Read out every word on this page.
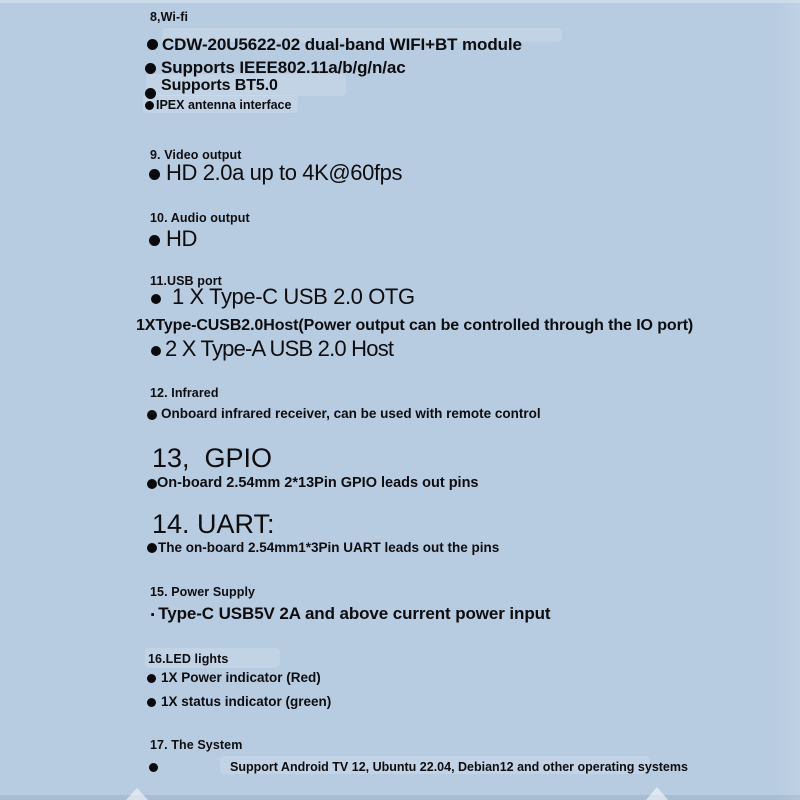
8,Wi-fi
CDW-20U5622-02 dual-band WIFI+BT module
Supports IEEE802.11a/b/g/n/ac
Supports BT5.0
IPEX antenna interface
9. Video output
HD 2.0a up to 4K@60fps
10. Audio output
HD
11.USB port
1 X Type-C USB 2.0 OTG
1XType-CUSB2.0Host(Power output can be controlled through the IO port)
2 X Type-A USB 2.0 Host
12. Infrared
Onboard infrared receiver, can be used with remote control
13,  GPIO
On-board 2.54mm 2*13Pin GPIO leads out pins
14. UART:
The on-board 2.54mm1*3Pin UART leads out the pins
15. Power Supply
· Type-C USB5V 2A and above current power input
16.LED lights
1X Power indicator (Red)
1X status indicator (green)
17. The System
Support Android TV 12, Ubuntu 22.04, Debian12 and other operating systems
